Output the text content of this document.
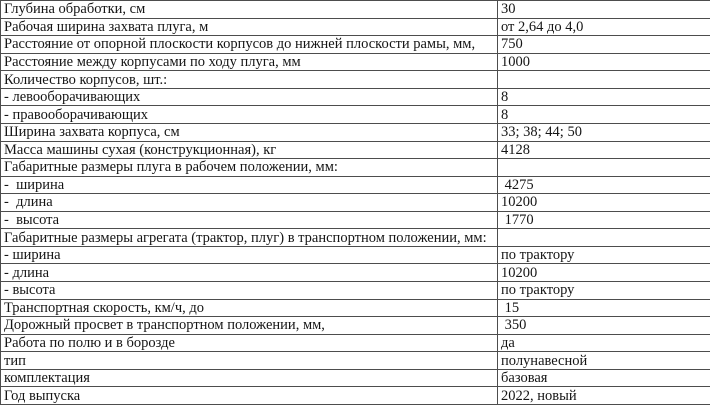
Глубина обработки, см	30
Рабочая ширина захвата плуга, м	от 2,64 до 4,0
Расстояние от опорной плоскости корпусов до нижней плоскости рамы, мм,	750
Расстояние между корпусами по ходу плуга, мм	1000
Количество корпусов, шт.:	
- левооборачивающих	8
- правооборачивающих	8
Ширина захвата корпуса, см	33; 38; 44; 50
Масса машины сухая (конструкционная), кг	4128
Габаритные размеры плуга в рабочем положении, мм:	
-  ширина	4275
-  длина	10200
-  высота	1770
Габаритные размеры агрегата (трактор, плуг) в транспортном положении, мм:	
- ширина	по трактору
- длина	10200
- высота	по трактору
Транспортная скорость, км/ч, до	15
Дорожный просвет в транспортном положении, мм,	350
Работа по полю и в борозде	да
тип	полунавесной
комплектация	базовая
Год выпуска	2022, новый
